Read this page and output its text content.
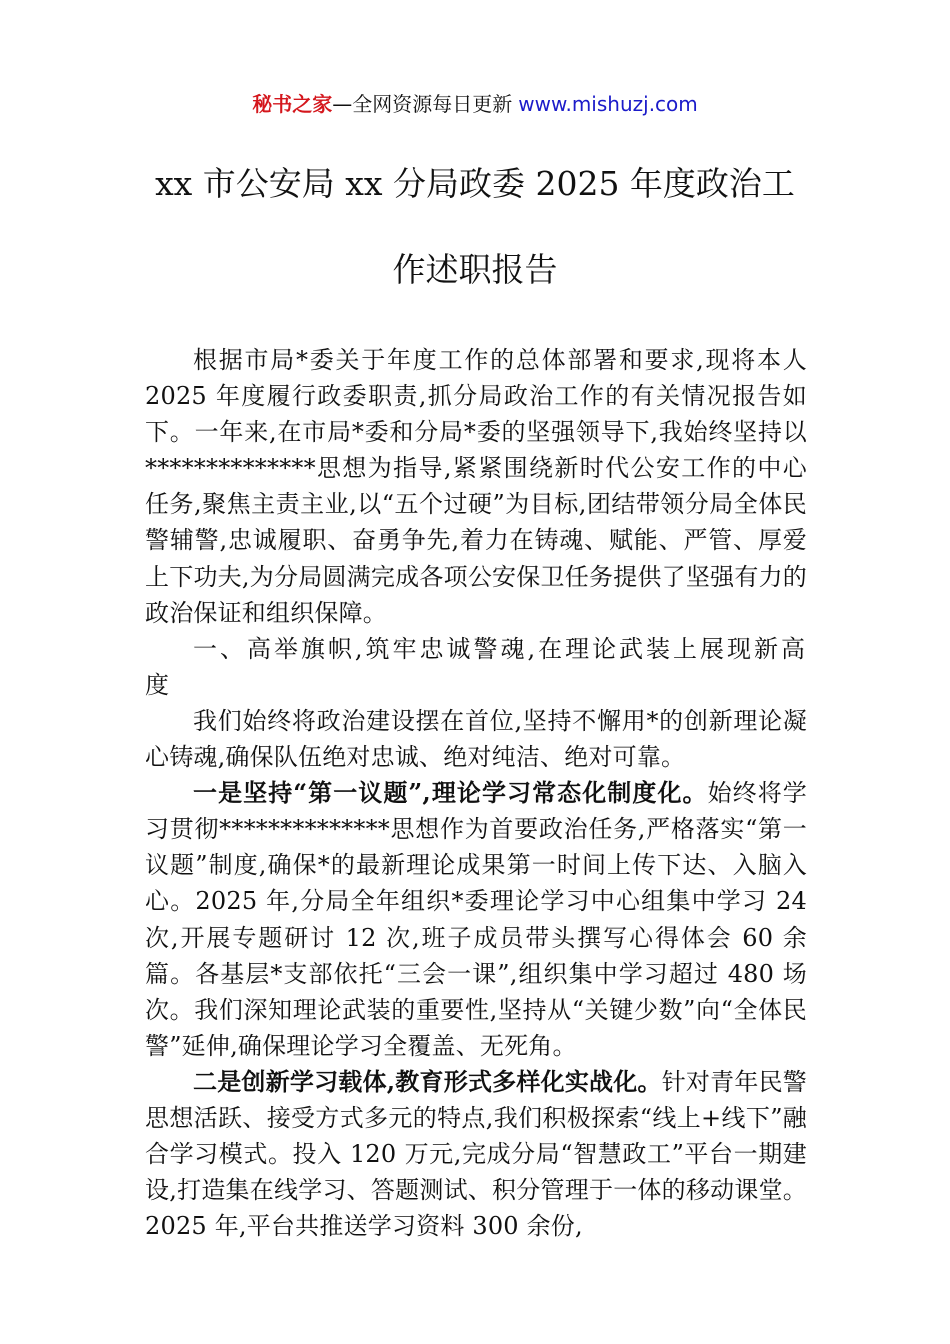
秘书之家—全网资源每日更新 www.mishuzj.com
xx 市公安局 xx 分局政委 2025 年度政治工
作述职报告

根据市局*委关于年度工作的总体部署和要求,现将本人 2025 年度履行政委职责,抓分局政治工作的有关情况报告如下。一年来,在市局*委和分局*委的坚强领导下,我始终坚持以**************思想为指导,紧紧围绕新时代公安工作的中心任务,聚焦主责主业,以“五个过硬”为目标,团结带领分局全体民警辅警,忠诚履职、奋勇争先,着力在铸魂、赋能、严管、厚爱上下功夫,为分局圆满完成各项公安保卫任务提供了坚强有力的政治保证和组织保障。

一、高举旗帜,筑牢忠诚警魂,在理论武装上展现新高度

我们始终将政治建设摆在首位,坚持不懈用*的创新理论凝心铸魂,确保队伍绝对忠诚、绝对纯洁、绝对可靠。

一是坚持“第一议题”,理论学习常态化制度化。始终将学习贯彻**************思想作为首要政治任务,严格落实“第一议题”制度,确保*的最新理论成果第一时间上传下达、入脑入心。2025 年,分局全年组织*委理论学习中心组集中学习 24 次,开展专题研讨 12 次,班子成员带头撰写心得体会 60 余篇。各基层*支部依托“三会一课”,组织集中学习超过 480 场次。我们深知理论武装的重要性,坚持从“关键少数”向“全体民警”延伸,确保理论学习全覆盖、无死角。

二是创新学习载体,教育形式多样化实战化。针对青年民警思想活跃、接受方式多元的特点,我们积极探索“线上+线下”融合学习模式。投入 120 万元,完成分局“智慧政工”平台一期建设,打造集在线学习、答题测试、积分管理于一体的移动课堂。2025 年,平台共推送学习资料 300 余份,
